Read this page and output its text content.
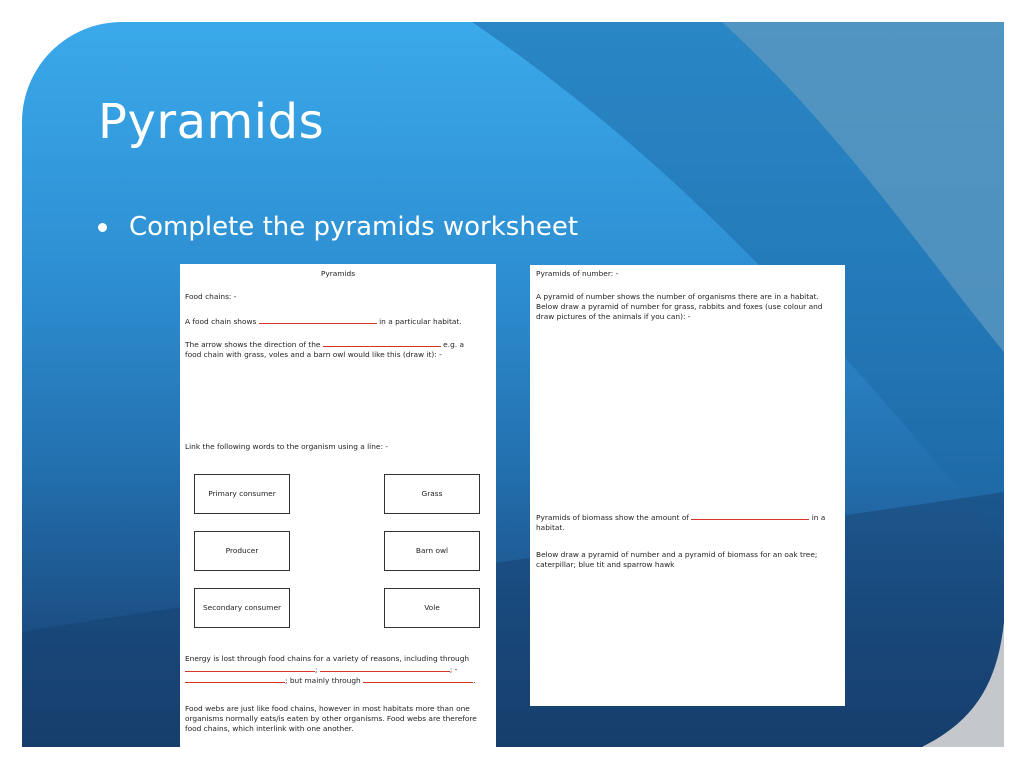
Pyramids
Complete the pyramids worksheet

Pyramids

Food chains: -

A food chain shows	in a particular habitat.

The arrow shows the direction of the	e.g. a
food chain with grass, voles and a barn owl would like this (draw it): -

Link the following words to the organism using a line: -

Primary consumer
Producer
Secondary consumer
Grass
Barn owl
Vole

Energy is lost through food chains for a variety of reasons, including through
;	; -
; but mainly through	.

Food webs are just like food chains, however in most habitats more than one organisms normally eats/is eaten by other organisms. Food webs are therefore food chains, which interlink with one another.

Pyramids of number: -

A pyramid of number shows the number of organisms there are in a habitat. Below draw a pyramid of number for grass, rabbits and foxes (use colour and draw pictures of the animals if you can): -

Pyramids of biomass show the amount of	in a
habitat.

Below draw a pyramid of number and a pyramid of biomass for an oak tree; caterpillar; blue tit and sparrow hawk
